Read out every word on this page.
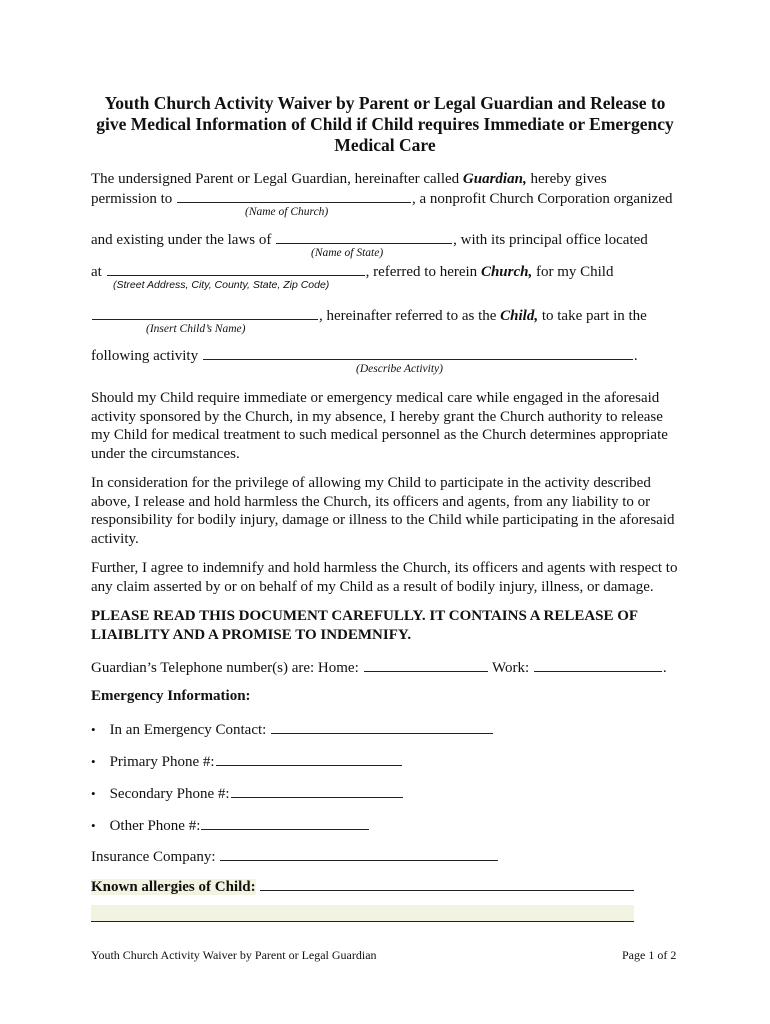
Youth Church Activity Waiver by Parent or Legal Guardian and Release to
give Medical Information of Child if Child requires Immediate or Emergency
Medical Care
The undersigned Parent or Legal Guardian, hereinafter called Guardian, hereby gives
permission to	, a nonprofit Church Corporation organized
(Name of Church)
and existing under the laws of	, with its principal office located
(Name of State)
at	, referred to herein Church, for my Child
(Street Address, City, County, State, Zip Code)
, hereinafter referred to as the Child, to take part in the
(Insert Child’s Name)
following activity	.
(Describe Activity)
Should my Child require immediate or emergency medical care while engaged in the aforesaid activity sponsored by the Church, in my absence, I hereby grant the Church authority to release my Child for medical treatment to such medical personnel as the Church determines appropriate under the circumstances.
In consideration for the privilege of allowing my Child to participate in the activity described above, I release and hold harmless the Church, its officers and agents, from any liability to or responsibility for bodily injury, damage or illness to the Child while participating in the aforesaid activity.
Further, I agree to indemnify and hold harmless the Church, its officers and agents with respect to any claim asserted by or on behalf of my Child as a result of bodily injury, illness, or damage.
PLEASE READ THIS DOCUMENT CAREFULLY. IT CONTAINS A RELEASE OF LIAIBLITY AND A PROMISE TO INDEMNIFY.
Guardian’s Telephone number(s) are: Home:	Work:	.
Emergency Information:
• In an Emergency Contact:
• Primary Phone #:
• Secondary Phone #:
• Other Phone #:
Insurance Company:
Known allergies of Child:
Youth Church Activity Waiver by Parent or Legal Guardian	Page 1 of 2
